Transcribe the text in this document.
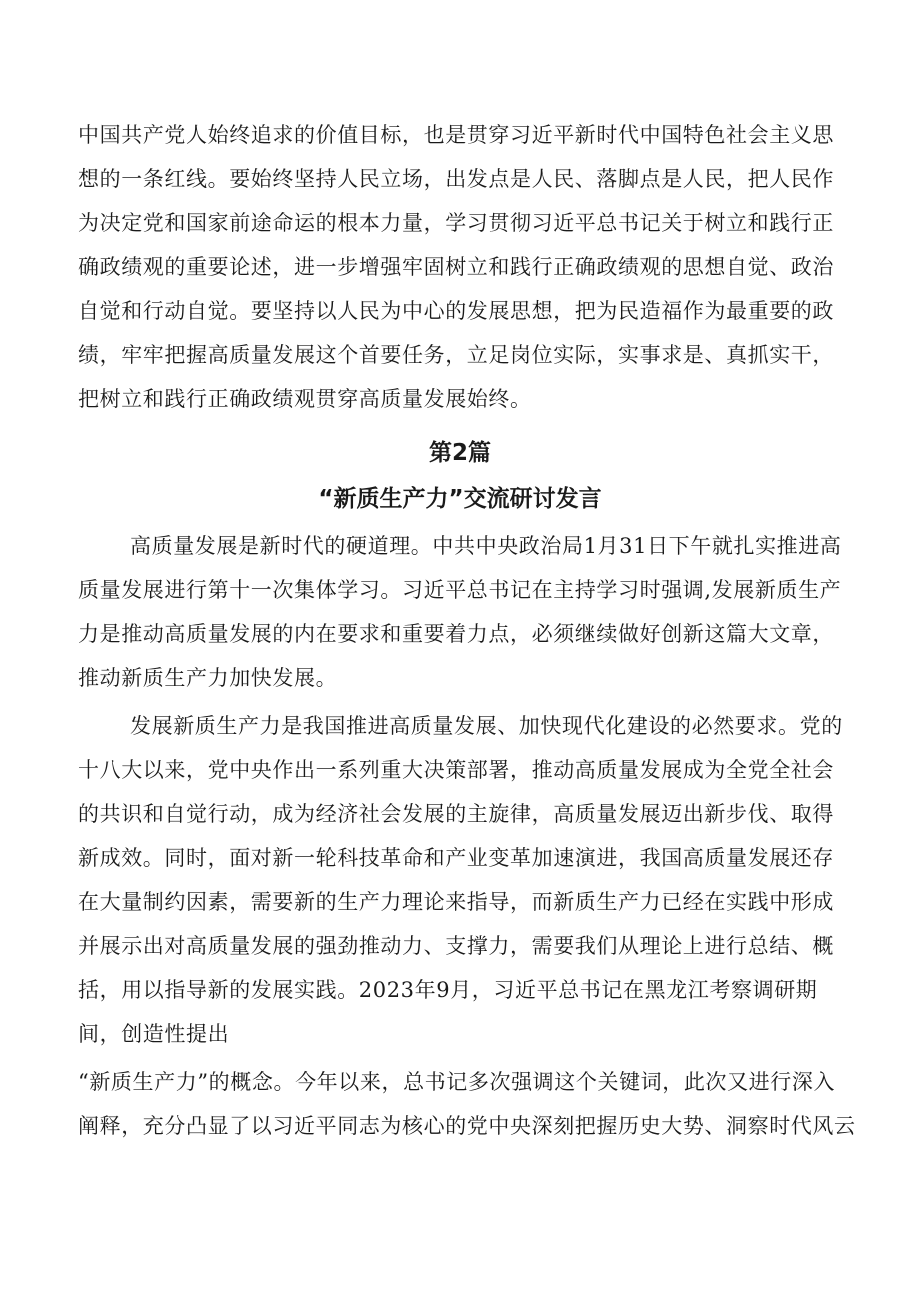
中国共产党人始终追求的价值目标，也是贯穿习近平新时代中国特色社会主义思
想的一条红线。要始终坚持人民立场，出发点是人民、落脚点是人民，把人民作
为决定党和国家前途命运的根本力量，学习贯彻习近平总书记关于树立和践行正
确政绩观的重要论述，进一步增强牢固树立和践行正确政绩观的思想自觉、政治
自觉和行动自觉。要坚持以人民为中心的发展思想，把为民造福作为最重要的政
绩，牢牢把握高质量发展这个首要任务，立足岗位实际，实事求是、真抓实干，
把树立和践行正确政绩观贯穿高质量发展始终。
第2篇
“新质生产力”交流研讨发言
高质量发展是新时代的硬道理。中共中央政治局1月31日下午就扎实推进高
质量发展进行第十一次集体学习。习近平总书记在主持学习时强调,发展新质生产
力是推动高质量发展的内在要求和重要着力点，必须继续做好创新这篇大文章，
推动新质生产力加快发展。
发展新质生产力是我国推进高质量发展、加快现代化建设的必然要求。党的
十八大以来，党中央作出一系列重大决策部署，推动高质量发展成为全党全社会
的共识和自觉行动，成为经济社会发展的主旋律，高质量发展迈出新步伐、取得
新成效。同时，面对新一轮科技革命和产业变革加速演进，我国高质量发展还存
在大量制约因素，需要新的生产力理论来指导，而新质生产力已经在实践中形成
并展示出对高质量发展的强劲推动力、支撑力，需要我们从理论上进行总结、概
括，用以指导新的发展实践。2023年9月，习近平总书记在黑龙江考察调研期
间，创造性提出
“新质生产力”的概念。今年以来，总书记多次强调这个关键词，此次又进行深入
阐释，充分凸显了以习近平同志为核心的党中央深刻把握历史大势、洞察时代风云
